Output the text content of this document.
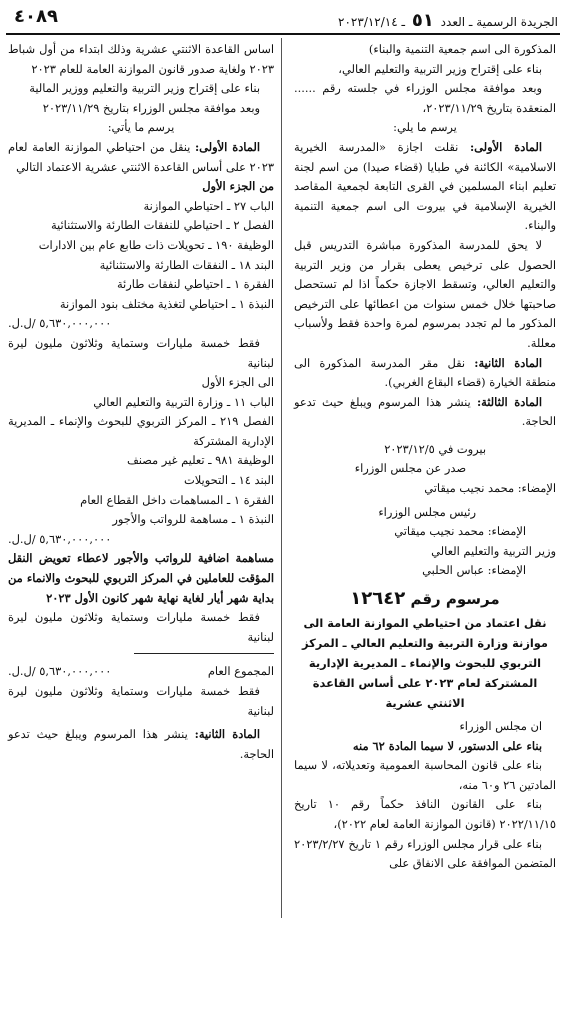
الجريدة الرسمية ـ العدد ٥١ ـ ٢٠٢٣/١٢/١٤
٤٠٨٩

المذكورة الى اسم جمعية التنمية والبناء)

بناء على إقتراح وزير التربية والتعليم العالي،

وبعد موافقة مجلس الوزراء في جلسته رقم ...... المنعقدة بتاريخ ٢٠٢٣/١١/٢٩،

يرسم ما يلي:

المادة الأولى: نقلت اجازة «المدرسة الخيرية الاسلامية» الكائنة في طبايا (قضاء صيدا) من اسم لجنة تعليم ابناء المسلمين في القرى التابعة لجمعية المقاصد الخيرية الإسلامية في بيروت الى اسم جمعية التنمية والبناء.

لا يحق للمدرسة المذكورة مباشرة التدريس قبل الحصول على ترخيص يعطى بقرار من وزير التربية والتعليم العالي، وتسقط الاجازة حكماً اذا لم تستحصل صاحبتها خلال خمس سنوات من اعطائها على الترخيص المذكور ما لم تجدد بمرسوم لمرة واحدة فقط ولأسباب معللة.

المادة الثانية: نقل مقر المدرسة المذكورة الى منطقة الخيارة (قضاء البقاع الغربي).

المادة الثالثة: ينشر هذا المرسوم ويبلغ حيث تدعو الحاجة.

بيروت في ٢٠٢٣/١٢/٥

صدر عن مجلس الوزراء

الإمضاء: محمد نجيب ميقاتي

رئيس مجلس الوزراء

الإمضاء: محمد نجيب ميقاتي

وزير التربية والتعليم العالي

الإمضاء: عباس الحلبي

مرسوم رقم ١٢٦٤٢

نقل اعتماد من احتياطي الموازنة العامة الى موازنة وزارة التربية والتعليم العالي ـ المركز التربوي للبحوث والإنماء ـ المديرية الإدارية المشتركة لعام ٢٠٢٣ على أساس القاعدة الاثنتي عشرية

ان مجلس الوزراء

بناء على الدستور، لا سيما المادة ٦٢ منه

بناء على قانون المحاسبة العمومية وتعديلاته، لا سيما المادتين ٢٦ و٦٠ منه،

بناء على القانون النافذ حكماً رقم ١٠ تاريخ ٢٠٢٢/١١/١٥ (قانون الموازنة العامة لعام ٢٠٢٢)،

بناء على قرار مجلس الوزراء رقم ١ تاريخ ٢٠٢٣/٢/٢٧ المتضمن الموافقة على الانفاق على

اساس القاعدة الاثنتي عشرية وذلك ابتداء من أول شباط ٢٠٢٣ ولغاية صدور قانون الموازنة العامة للعام ٢٠٢٣

بناء على إقتراح وزير التربية والتعليم ووزير المالية

وبعد موافقة مجلس الوزراء بتاريخ ٢٠٢٣/١١/٢٩

يرسم ما يأتي:

المادة الأولى: ينقل من احتياطي الموازنة العامة لعام ٢٠٢٣ على أساس القاعدة الاثنتي عشرية الاعتماد التالي

من الجزء الأول

الباب ٢٧ ـ احتياطي الموازنة

الفصل ٢ ـ احتياطي للنفقات الطارئة والاستثنائية

الوظيفة ١٩٠ ـ تحويلات ذات طابع عام بين الادارات

البند ١٨ ـ النفقات الطارئة والاستثنائية

الفقرة ١ ـ احتياطي لنفقات طارئة

النبذة ١ ـ احتياطي لتغذية مختلف بنود الموازنة

٥,٦٣٠,٠٠٠,٠٠٠ /ل.ل.

فقط خمسة مليارات وستماية وثلاثون مليون ليرة لبنانية

الى الجزء الأول

الباب ١١ ـ وزارة التربية والتعليم العالي

الفصل ٢١٩ ـ المركز التربوي للبحوث والإنماء ـ المديرية الإدارية المشتركة

الوظيفة ٩٨١ ـ تعليم غير مصنف

البند ١٤ ـ التحويلات

الفقرة ١ ـ المساهمات داخل القطاع العام

النبذة ١ ـ مساهمة للرواتب والأجور

٥,٦٣٠,٠٠٠,٠٠٠ /ل.ل.

مساهمة اضافية للرواتب والأجور لاعطاء تعويض النقل المؤقت للعاملين في المركز التربوي للبحوث والانماء من بداية شهر أيار لغاية نهاية شهر كانون الأول ٢٠٢٣

فقط خمسة مليارات وستماية وثلاثون مليون ليرة لبنانية

المجموع العام
٥,٦٣٠,٠٠٠,٠٠٠ /ل.ل.

فقط خمسة مليارات وستماية وثلاثون مليون ليرة لبنانية

المادة الثانية: ينشر هذا المرسوم ويبلغ حيث تدعو الحاجة.
